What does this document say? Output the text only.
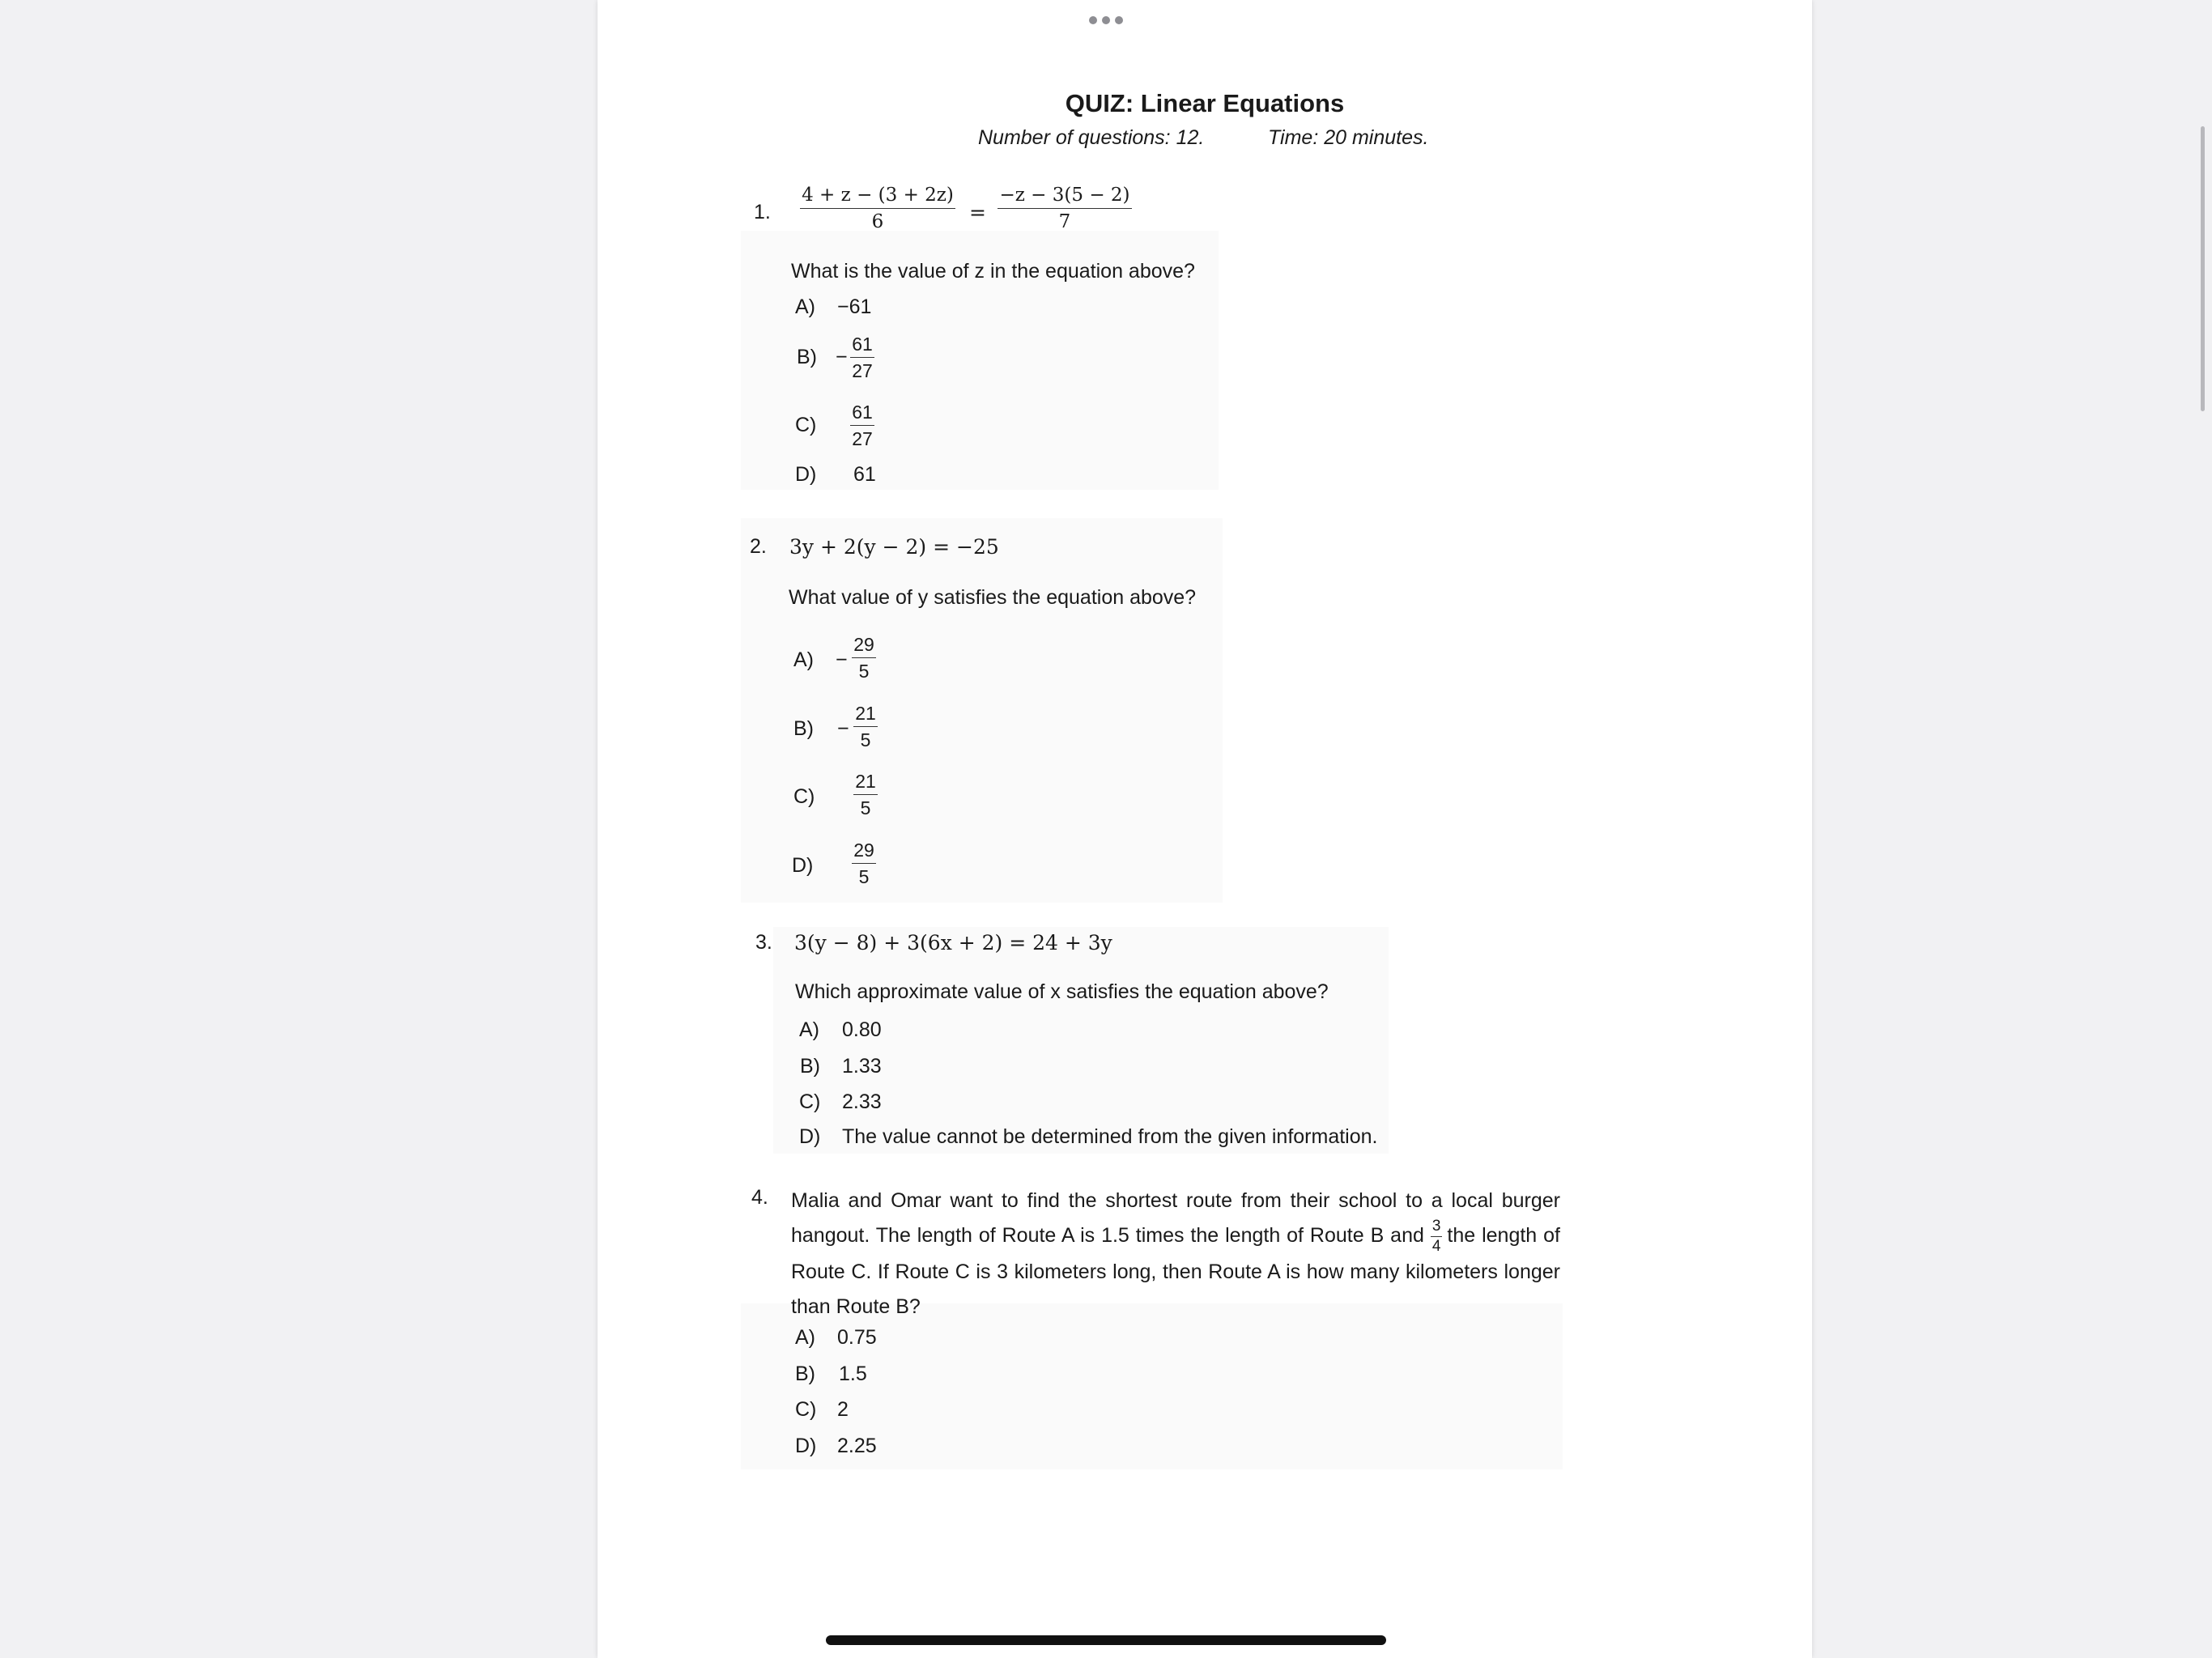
QUIZ: Linear Equations
Number of questions: 12.	Time: 20 minutes.
1. $\frac{4 + z - (3 + 2z)}{6} = \frac{-z - 3(5 - 2)}{7}$
What is the value of z in the equation above?
A) −61
$B) - \frac{61}{27}$
$C) \frac{61}{27}$
D) 61
2. 3y + 2(y − 2) = −25
What value of y satisfies the equation above?
$A) - \frac{29}{5}$
$B) - \frac{21}{5}$
$C) \frac{21}{5}$
$D) \frac{29}{5}$
3. 3(y − 8) + 3(6x + 2) = 24 + 3y
Which approximate value of x satisfies the equation above?
A) 0.80
B) 1.33
C) 2.33
D) The value cannot be determined from the given information.
4. Malia and Omar want to find the shortest route from their school to a local burger hangout. The length of Route A is 1.5 times the length of Route B and $\frac{3}{4}$ the length of Route C. If Route C is 3 kilometers long, then Route A is how many kilometers longer than Route B?
A) 0.75
B) 1.5
C) 2
D) 2.25
